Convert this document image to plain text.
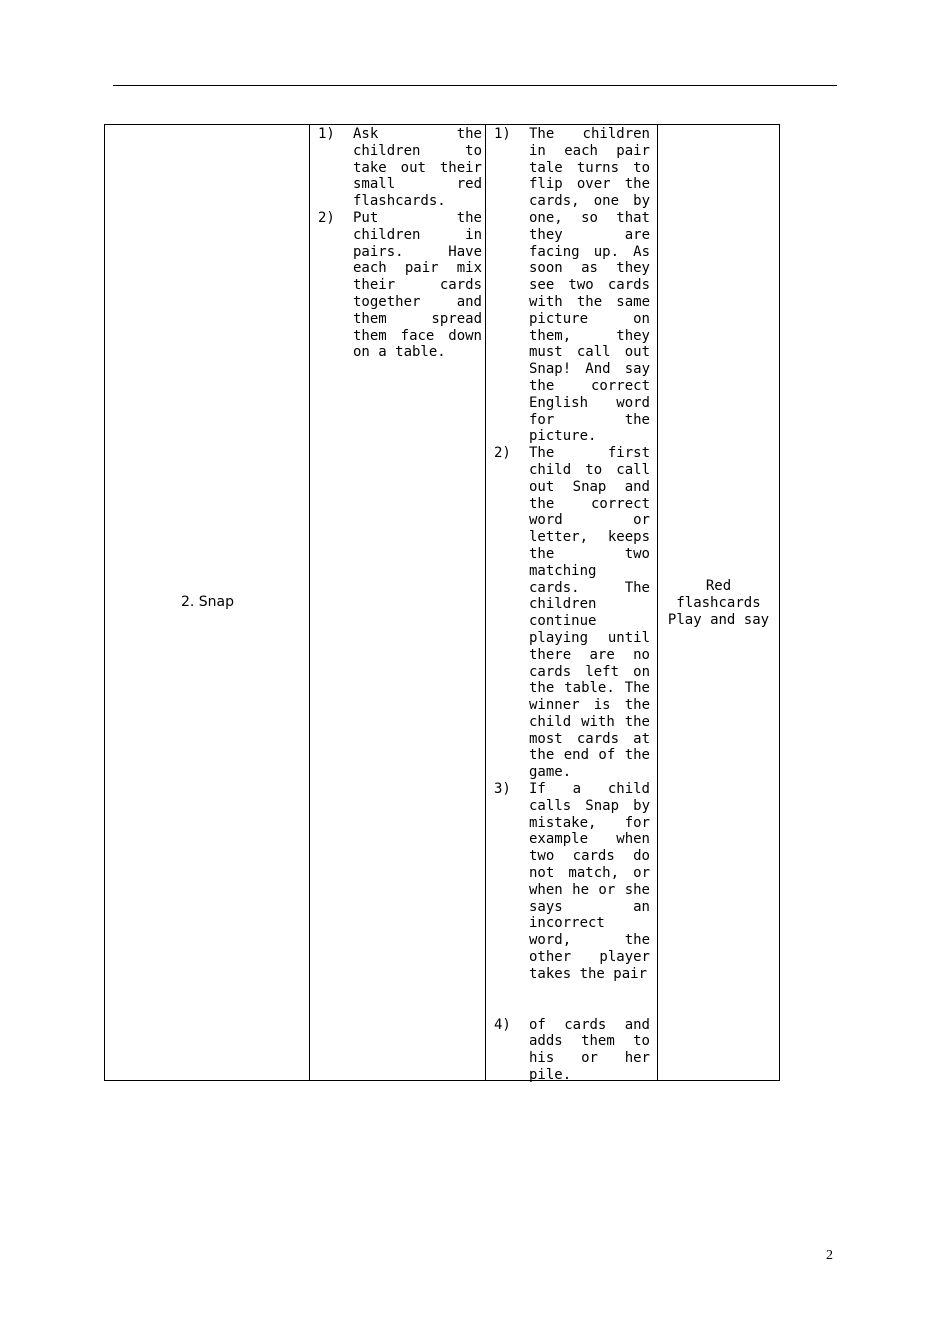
2. Snap
1) Ask the children to take out their small red flashcards.
2) Put the children in pairs. Have each pair mix their cards together and them spread them face down on a table.
1) The children in each pair tale turns to flip over the cards, one by one, so that they are facing up. As soon as they see two cards with the same picture on them, they must call out Snap! And say the correct English word for the picture.
2) The first child to call out Snap and the correct word or letter, keeps the two matching cards. The children continue playing until there are no cards left on the table. The winner is the child with the most cards at the end of the game.
3) If a child calls Snap by mistake, for example when two cards do not match, or when he or she says an incorrect word, the other player takes the pair
4) of cards and adds them to his or her pile.
Red
flashcards
Play and say
2
